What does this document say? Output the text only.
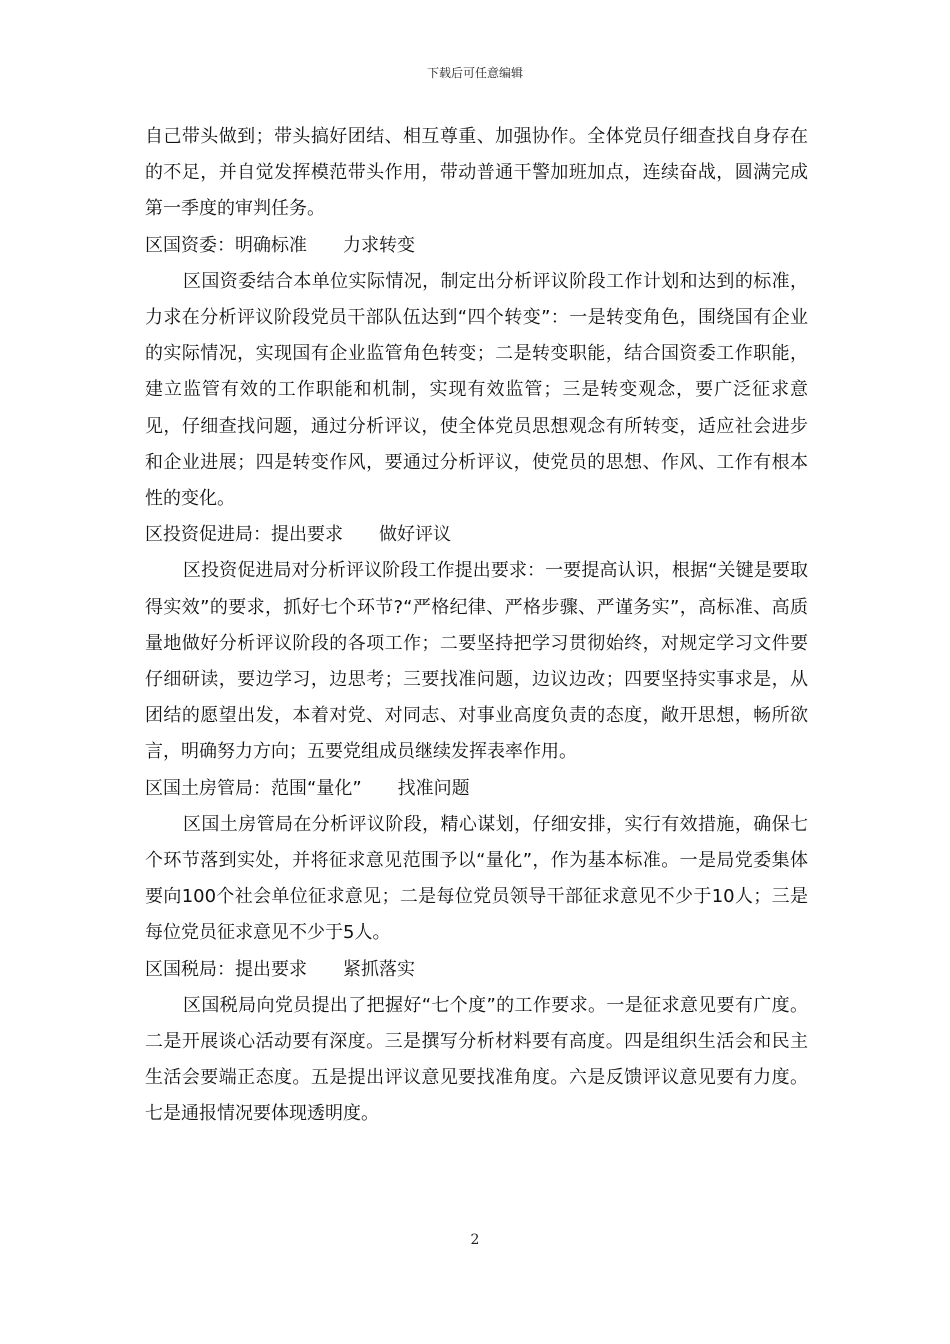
下载后可任意编辑

自己带头做到；带头搞好团结、相互尊重、加强协作。全体党员仔细查找自身存在的不足，并自觉发挥模范带头作用，带动普通干警加班加点，连续奋战，圆满完成第一季度的审判任务。

区国资委：明确标准　　力求转变

区国资委结合本单位实际情况，制定出分析评议阶段工作计划和达到的标准，力求在分析评议阶段党员干部队伍达到“四个转变”：一是转变角色，围绕国有企业的实际情况，实现国有企业监管角色转变；二是转变职能，结合国资委工作职能，建立监管有效的工作职能和机制，实现有效监管；三是转变观念，要广泛征求意见，仔细查找问题，通过分析评议，使全体党员思想观念有所转变，适应社会进步和企业进展；四是转变作风，要通过分析评议，使党员的思想、作风、工作有根本性的变化。

区投资促进局：提出要求　　做好评议

区投资促进局对分析评议阶段工作提出要求：一要提高认识，根据“关键是要取得实效”的要求，抓好七个环节?“严格纪律、严格步骤、严谨务实”，高标准、高质量地做好分析评议阶段的各项工作；二要坚持把学习贯彻始终，对规定学习文件要仔细研读，要边学习，边思考；三要找准问题，边议边改；四要坚持实事求是，从团结的愿望出发，本着对党、对同志、对事业高度负责的态度，敞开思想，畅所欲言，明确努力方向；五要党组成员继续发挥表率作用。

区国土房管局：范围“量化”　　找准问题

区国土房管局在分析评议阶段，精心谋划，仔细安排，实行有效措施，确保七个环节落到实处，并将征求意见范围予以“量化”，作为基本标准。一是局党委集体要向100个社会单位征求意见；二是每位党员领导干部征求意见不少于10人；三是每位党员征求意见不少于5人。

区国税局：提出要求　　紧抓落实

区国税局向党员提出了把握好“七个度”的工作要求。一是征求意见要有广度。二是开展谈心活动要有深度。三是撰写分析材料要有高度。四是组织生活会和民主生活会要端正态度。五是提出评议意见要找准角度。六是反馈评议意见要有力度。七是通报情况要体现透明度。

2
